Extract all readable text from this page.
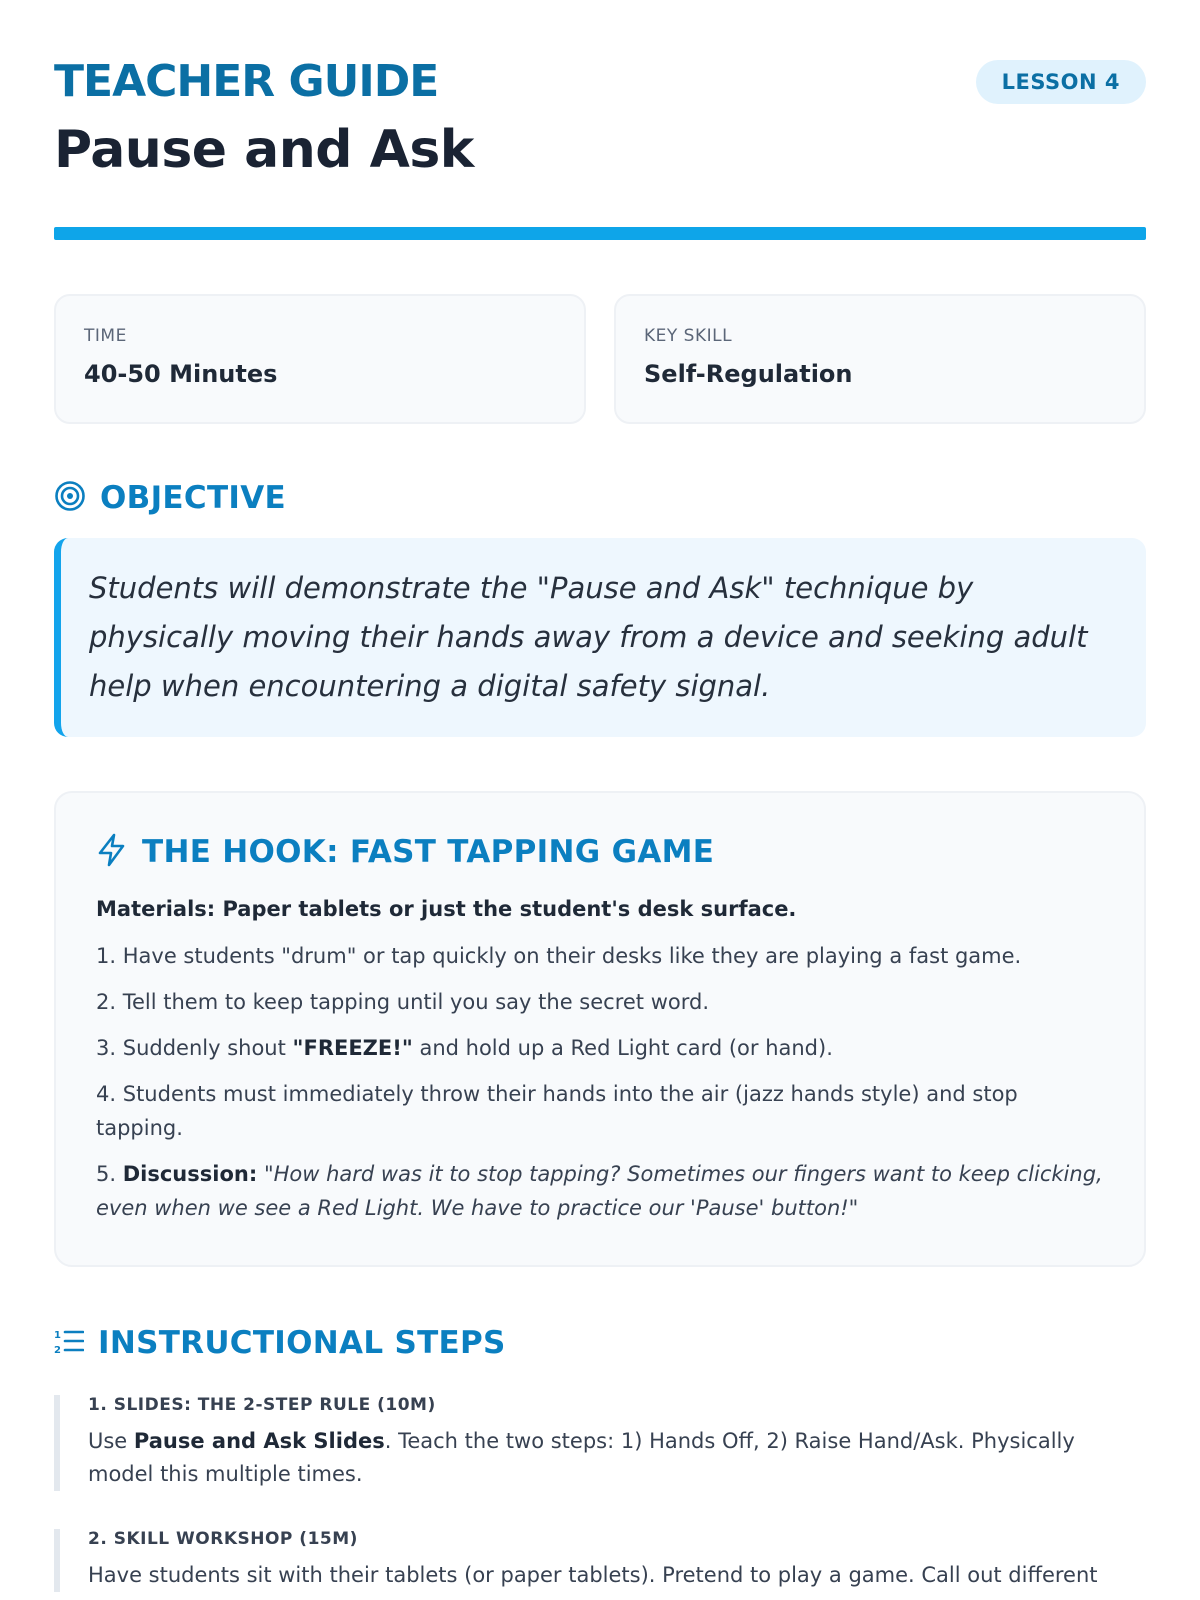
TEACHER GUIDE
Pause and Ask
LESSON 4
TIME
40-50 Minutes
KEY SKILL
Self-Regulation
OBJECTIVE

Students will demonstrate the "Pause and Ask" technique by physically moving their hands away from a device and seeking adult help when encountering a digital safety signal.

THE HOOK: FAST TAPPING GAME
Materials: Paper tablets or just the student's desk surface.
1. Have students "drum" or tap quickly on their desks like they are playing a fast game.
2. Tell them to keep tapping until you say the secret word.
3. Suddenly shout "FREEZE!" and hold up a Red Light card (or hand).
4. Students must immediately throw their hands into the air (jazz hands style) and stop tapping.
5. Discussion: "How hard was it to stop tapping? Sometimes our fingers want to keep clicking, even when we see a Red Light. We have to practice our 'Pause' button!"
1
2 INSTRUCTIONAL STEPS
1. SLIDES: THE 2-STEP RULE (10M)
Use Pause and Ask Slides. Teach the two steps: 1) Hands Off, 2) Raise Hand/Ask. Physically model this multiple times.
2. SKILL WORKSHOP (15M)
Have students sit with their tablets (or paper tablets). Pretend to play a game. Call out different
